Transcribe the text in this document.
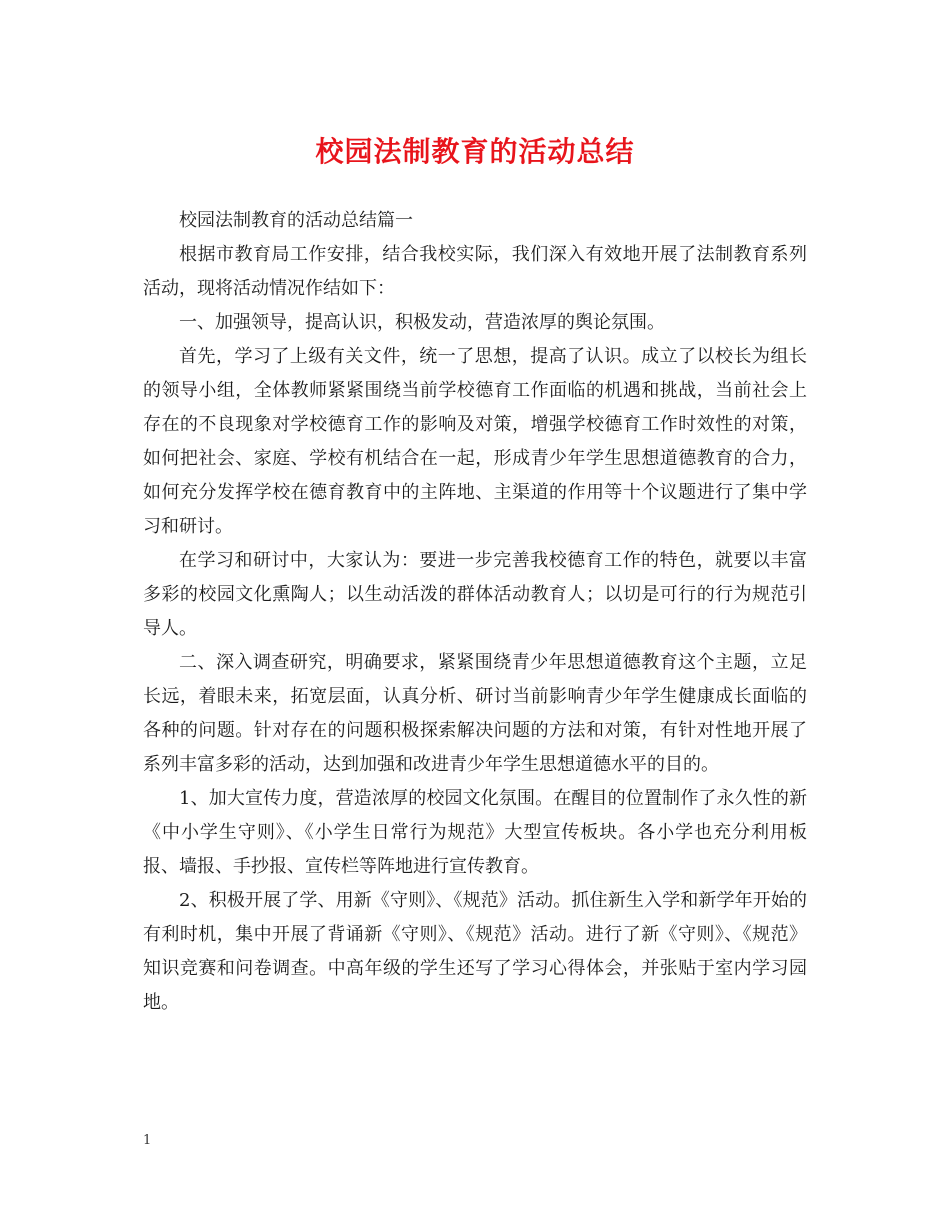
校园法制教育的活动总结

校园法制教育的活动总结篇一

根据市教育局工作安排，结合我校实际，我们深入有效地开展了法制教育系列活动，现将活动情况作结如下：

一、加强领导，提高认识，积极发动，营造浓厚的舆论氛围。

首先，学习了上级有关文件，统一了思想，提高了认识。成立了以校长为组长的领导小组，全体教师紧紧围绕当前学校德育工作面临的机遇和挑战，当前社会上存在的不良现象对学校德育工作的影响及对策，增强学校德育工作时效性的对策，如何把社会、家庭、学校有机结合在一起，形成青少年学生思想道德教育的合力，如何充分发挥学校在德育教育中的主阵地、主渠道的作用等十个议题进行了集中学习和研讨。

在学习和研讨中，大家认为：要进一步完善我校德育工作的特色，就要以丰富多彩的校园文化熏陶人；以生动活泼的群体活动教育人；以切是可行的行为规范引导人。

二、深入调查研究，明确要求，紧紧围绕青少年思想道德教育这个主题，立足长远，着眼未来，拓宽层面，认真分析、研讨当前影响青少年学生健康成长面临的各种的问题。针对存在的问题积极探索解决问题的方法和对策，有针对性地开展了系列丰富多彩的活动，达到加强和改进青少年学生思想道德水平的目的。

1、加大宣传力度，营造浓厚的校园文化氛围。在醒目的位置制作了永久性的新《中小学生守则》、《小学生日常行为规范》大型宣传板块。各小学也充分利用板报、墙报、手抄报、宣传栏等阵地进行宣传教育。

2、积极开展了学、用新《守则》、《规范》活动。抓住新生入学和新学年开始的有利时机，集中开展了背诵新《守则》、《规范》活动。进行了新《守则》、《规范》知识竞赛和问卷调查。中高年级的学生还写了学习心得体会，并张贴于室内学习园地。

1
